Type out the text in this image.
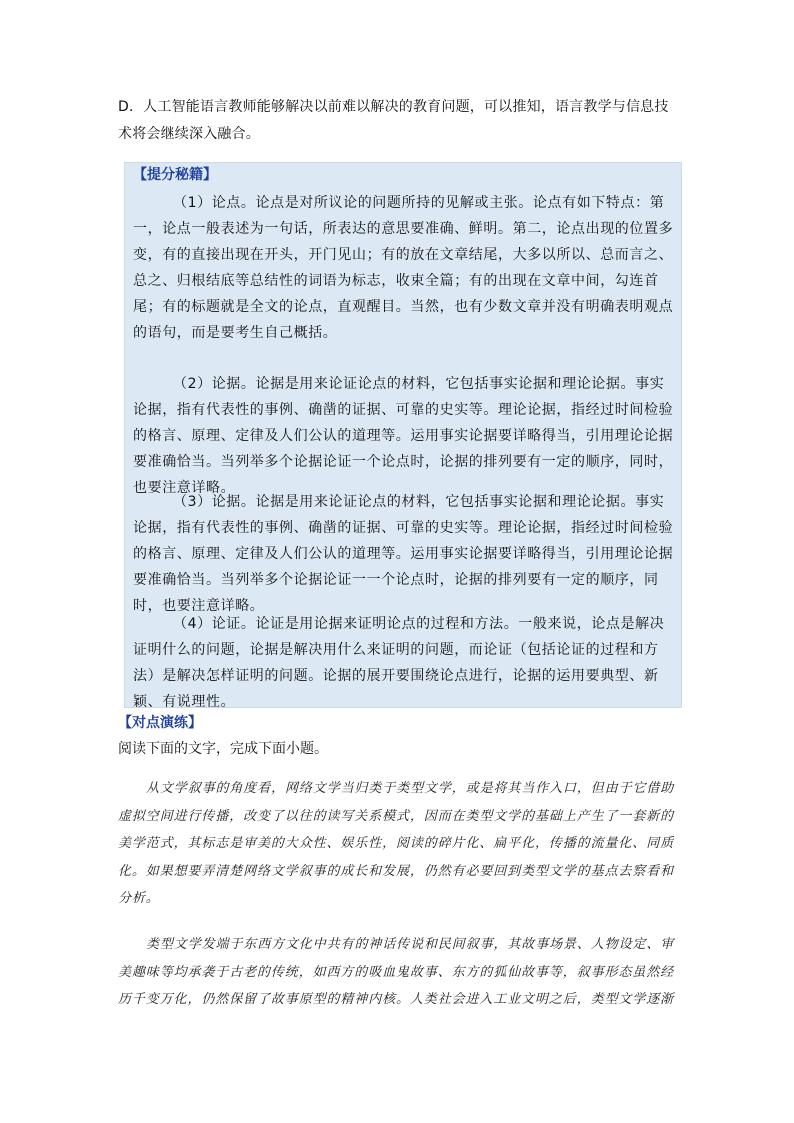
D．人工智能语言教师能够解决以前难以解决的教育问题，可以推知，语言教学与信息技术将会继续深入融合。

【提分秘籍】

（1）论点。论点是对所议论的问题所持的见解或主张。论点有如下特点：第一，论点一般表述为一句话，所表达的意思要准确、鲜明。第二，论点出现的位置多变，有的直接出现在开头，开门见山；有的放在文章结尾，大多以所以、总而言之、总之、归根结底等总结性的词语为标志，收束全篇；有的出现在文章中间，勾连首尾；有的标题就是全文的论点，直观醒目。当然，也有少数文章并没有明确表明观点的语句，而是要考生自己概括。

（2）论据。论据是用来论证论点的材料，它包括事实论据和理论论据。事实论据，指有代表性的事例、确凿的证据、可靠的史实等。理论论据，指经过时间检验的格言、原理、定律及人们公认的道理等。运用事实论据要详略得当，引用理论论据要准确恰当。当列举多个论据论证一个论点时，论据的排列要有一定的顺序，同时，也要注意详略。

（3）论据。论据是用来论证论点的材料，它包括事实论据和理论论据。事实论据，指有代表性的事例、确凿的证据、可靠的史实等。理论论据，指经过时间检验的格言、原理、定律及人们公认的道理等。运用事实论据要详略得当，引用理论论据要准确恰当。当列举多个论据论证一一个论点时，论据的排列要有一定的顺序，同时，也要注意详略。

（4）论证。论证是用论据来证明论点的过程和方法。一般来说，论点是解决证明什么的问题，论据是解决用什么来证明的问题，而论证（包括论证的过程和方法）是解决怎样证明的问题。论据的展开要围绕论点进行，论据的运用要典型、新颖、有说理性。

【对点演练】
阅读下面的文字，完成下面小题。

从文学叙事的角度看，网络文学当归类于类型文学，或是将其当作入口，但由于它借助虚拟空间进行传播，改变了以往的读写关系模式，因而在类型文学的基础上产生了一套新的美学范式，其标志是审美的大众性、娱乐性，阅读的碎片化、扁平化，传播的流量化、同质化。如果想要弄清楚网络文学叙事的成长和发展，仍然有必要回到类型文学的基点去察看和分析。

类型文学发端于东西方文化中共有的神话传说和民间叙事，其故事场景、人物设定、审美趣味等均承袭于古老的传统，如西方的吸血鬼故事、东方的狐仙故事等，叙事形态虽然经历千变万化，仍然保留了故事原型的精神内核。人类社会进入工业文明之后，类型文学逐渐
